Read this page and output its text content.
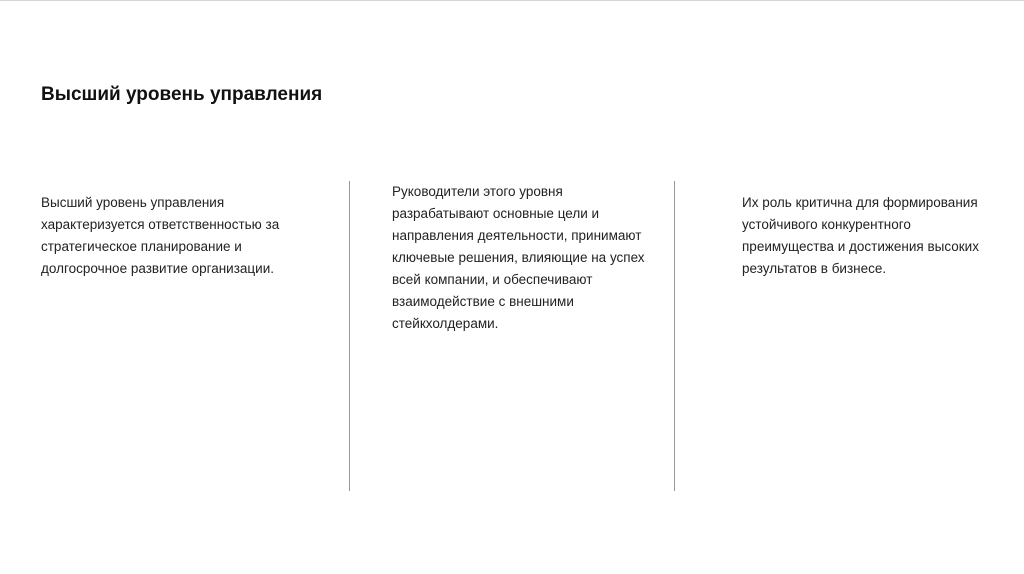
Высший уровень управления

Высший уровень управления
характеризуется ответственностью за
стратегическое планирование и
долгосрочное развитие организации.

Руководители этого уровня
разрабатывают основные цели и
направления деятельности, принимают
ключевые решения, влияющие на успех
всей компании, и обеспечивают
взаимодействие с внешними
стейкхолдерами.

Их роль критична для формирования
устойчивого конкурентного
преимущества и достижения высоких
результатов в бизнесе.
